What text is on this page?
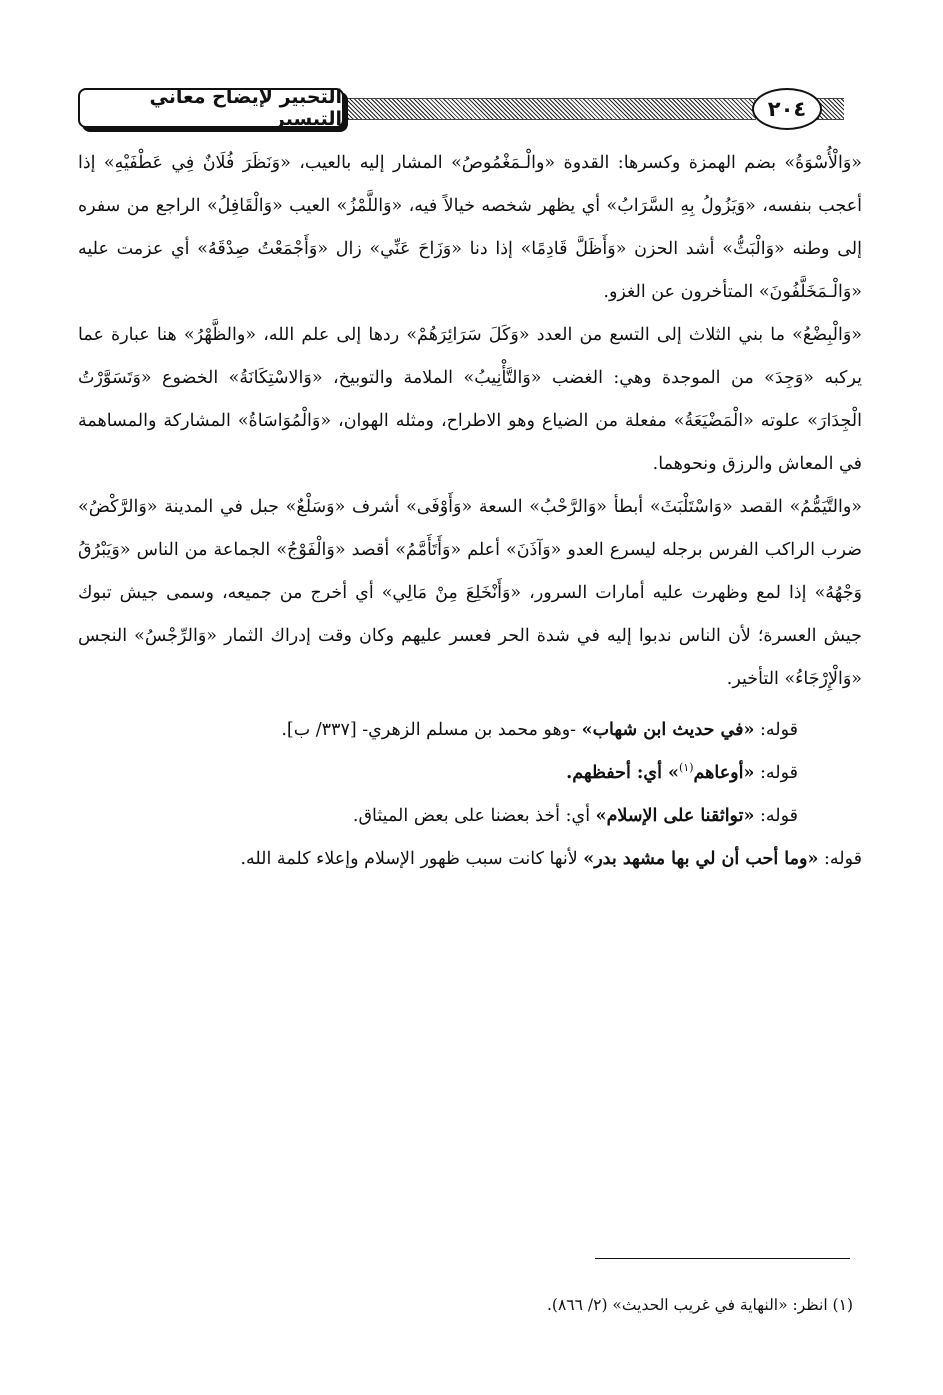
٢٠٤
التحبير لإيضاح معاني التيسير

«وَالْأُسْوَةُ» بضم الهمزة وكسرها: القدوة «والْـمَغْمُوصُ» المشار إليه بالعيب، «وَنَظَرَ فُلَانٌ فِي عَطْفَيْهِ» إذا أعجب بنفسه، «وَيَزُولُ بِهِ السَّرَابُ» أي يظهر شخصه خيالاً فيه، «وَاللَّمْزُ» العيب «وَالْقَافِلُ» الراجع من سفره إلى وطنه «وَالْبَثُّ» أشد الحزن «وَأَظَلَّ قَادِمًا» إذا دنا «وَزَاحَ عَنِّي» زال «وَأَجْمَعْتُ صِدْقَهُ» أي عزمت عليه «وَالْـمَخَلَّفُونَ» المتأخرون عن الغزو.

«وَالْبِضْعُ» ما بني الثلاث إلى التسع من العدد «وَكَلَ سَرَائِرَهُمْ» ردها إلى علم الله، «والظَّهْرُ» هنا عبارة عما يركبه «وَجِدَ» من الموجدة وهي: الغضب «وَالتَّأْنِيبُ» الملامة والتوبيخ، «وَالاسْتِكَانَةُ» الخضوع «وَتَسَوَّرْتُ الْجِدَارَ» علوته «الْمَضْيَعَةُ» مفعلة من الضياع وهو الاطراح، ومثله الهوان، «وَالْمُوَاسَاةُ» المشاركة والمساهمة في المعاش والرزق ونحوهما.

«والتَّيَمُّمُ» القصد «وَاسْتَلْبَثَ» أبطأ «وَالرَّحْبُ» السعة «وَأَوْفَى» أشرف «وَسَلْعٌ» جبل في المدينة «وَالرَّكْضُ» ضرب الراكب الفرس برجله ليسرع العدو «وَآذَنَ» أعلم «وَأَتَأَمَّمُ» أقصد «وَالْفَوْجُ» الجماعة من الناس «وَيَبْرُقُ وَجْهُهُ» إذا لمع وظهرت عليه أمارات السرور، «وَأَنْخَلِعَ مِنْ مَالِي» أي أخرج من جميعه، وسمى جيش تبوك جيش العسرة؛ لأن الناس ندبوا إليه في شدة الحر فعسر عليهم وكان وقت إدراك الثمار «وَالرِّجْسُ» النجس «وَالْإِرْجَاءُ» التأخير.

قوله: «في حديث ابن شهاب» -وهو محمد بن مسلم الزهري- [٣٣٧/ ب].

قوله: «أوعاهم$^{(١)}$» أي: أحفظهم.

قوله: «تواثقنا على الإسلام» أي: أخذ بعضنا على بعض الميثاق.

قوله: «وما أحب أن لي بها مشهد بدر» لأنها كانت سبب ظهور الإسلام وإعلاء كلمة الله.

(١) انظر: «النهاية في غريب الحديث» (٢/ ٨٦٦).
